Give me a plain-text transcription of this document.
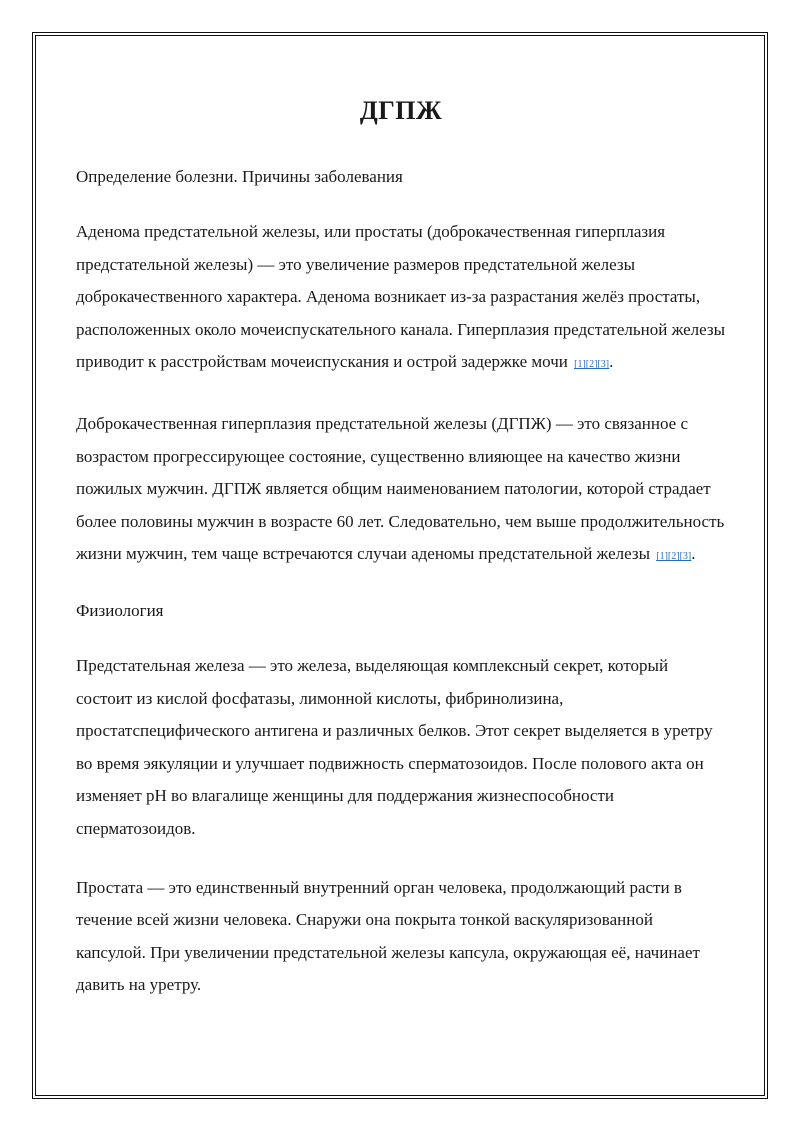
ДГПЖ
Определение болезни. Причины заболевания

Аденома предстательной железы, или простаты (доброкачественная гиперплазия предстательной железы) — это увеличение размеров предстательной железы доброкачественного характера. Аденома возникает из-за разрастания желёз простаты, расположенных около мочеиспускательного канала. Гиперплазия предстательной железы приводит к расстройствам мочеиспускания и острой задержке мочи [1][2][3].

Доброкачественная гиперплазия предстательной железы (ДГПЖ) — это связанное с возрастом прогрессирующее состояние, существенно влияющее на качество жизни пожилых мужчин. ДГПЖ является общим наименованием патологии, которой страдает более половины мужчин в возрасте 60 лет. Следовательно, чем выше продолжительность жизни мужчин, тем чаще встречаются случаи аденомы предстательной железы [1][2][3].

Физиология

Предстательная железа — это железа, выделяющая комплексный секрет, который состоит из кислой фосфатазы, лимонной кислоты, фибринолизина, простатспецифического антигена и различных белков. Этот секрет выделяется в уретру во время эякуляции и улучшает подвижность сперматозоидов. После полового акта он изменяет pH во влагалище женщины для поддержания жизнеспособности сперматозоидов.

Простата — это единственный внутренний орган человека, продолжающий расти в течение всей жизни человека. Снаружи она покрыта тонкой васкуляризованной капсулой. При увеличении предстательной железы капсула, окружающая её, начинает давить на уретру.
